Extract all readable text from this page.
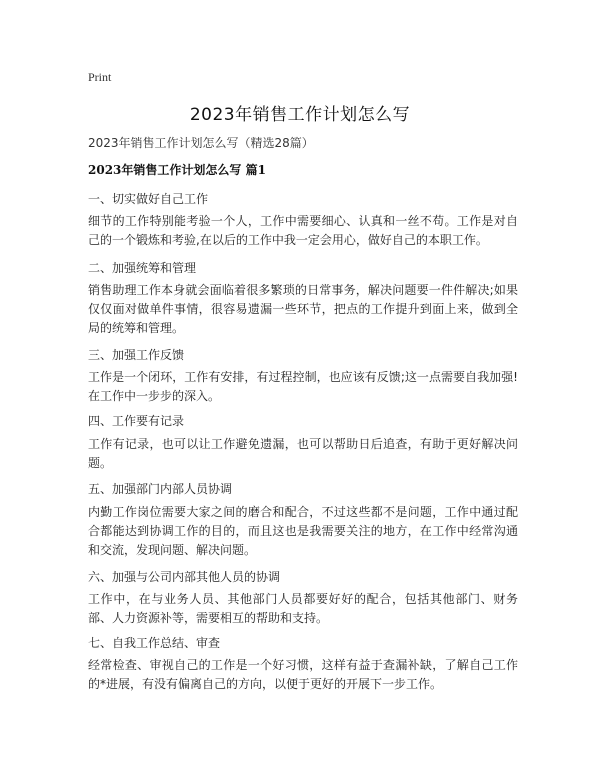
Print
2023年销售工作计划怎么写
2023年销售工作计划怎么写（精选28篇）
2023年销售工作计划怎么写 篇1
一、切实做好自己工作
细节的工作特别能考验一个人，工作中需要细心、认真和一丝不苟。工作是对自己的一个锻炼和考验,在以后的工作中我一定会用心，做好自己的本职工作。
二、加强统筹和管理
销售助理工作本身就会面临着很多繁琐的日常事务，解决问题要一件件解决;如果仅仅面对做单件事情，很容易遗漏一些环节，把点的工作提升到面上来，做到全局的统筹和管理。
三、加强工作反馈
工作是一个闭环，工作有安排，有过程控制，也应该有反馈;这一点需要自我加强!在工作中一步步的深入。
四、工作要有记录
工作有记录，也可以让工作避免遗漏，也可以帮助日后追查，有助于更好解决问题。
五、加强部门内部人员协调
内勤工作岗位需要大家之间的磨合和配合，不过这些都不是问题，工作中通过配合都能达到协调工作的目的，而且这也是我需要关注的地方，在工作中经常沟通和交流，发现问题、解决问题。
六、加强与公司内部其他人员的协调
工作中，在与业务人员、其他部门人员都要好好的配合，包括其他部门、财务部、人力资源补等，需要相互的帮助和支持。
七、自我工作总结、审查
经常检查、审视自己的工作是一个好习惯，这样有益于查漏补缺，了解自己工作的*进展，有没有偏离自己的方向，以便于更好的开展下一步工作。
